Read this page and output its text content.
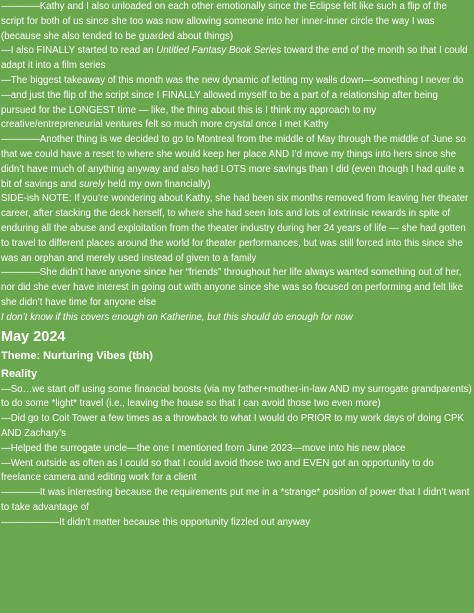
————Kathy and I also unloaded on each other emotionally since the Eclipse felt like such a flip of the script for both of us since she too was now allowing someone into her inner-inner circle the way I was (because she also tended to be guarded about things)

—I also FINALLY started to read an Untitled Fantasy Book Series toward the end of the month so that I could adapt it into a film series

—The biggest takeaway of this month was the new dynamic of letting my walls down—something I never do—and just the flip of the script since I FINALLY allowed myself to be a part of a relationship after being pursued for the LONGEST time — like, the thing about this is I think my approach to my creative/entrepreneurial ventures felt so much more crystal once I met Kathy

————Another thing is we decided to go to Montreal from the middle of May through the middle of June so that we could have a reset to where she would keep her place AND I’d move my things into hers since she didn’t have much of anything anyway and also had LOTS more savings than I did (even though I had quite a bit of savings and surely held my own financially)

SIDE-ish NOTE: If you’re wondering about Kathy, she had been six months removed from leaving her theater career, after stacking the deck herself, to where she had seen lots and lots of extrinsic rewards in spite of enduring all the abuse and exploitation from the theater industry during her 24 years of life — she had gotten to travel to different places around the world for theater performances, but was still forced into this since she was an orphan and merely used instead of given to a family

————She didn’t have anyone since her “friends” throughout her life always wanted something out of her, nor did she ever have interest in going out with anyone since she was so focused on performing and felt like she didn’t have time for anyone else

I don’t know if this covers enough on Katherine, but this should do enough for now

May 2024
Theme: Nurturing Vibes (tbh)
Reality

—So…we start off using some financial boosts (via my father+mother-in-law AND my surrogate grandparents) to do some *light* travel (i.e., leaving the house so that I can avoid those two even more)

—Did go to Coit Tower a few times as a throwback to what I would do PRIOR to my work days of doing CPK AND Zachary’s

—Helped the surrogate uncle—the one I mentioned from June 2023—move into his new place

—Went outside as often as I could so that I could avoid those two and EVEN got an opportunity to do freelance camera and editing work for a client

————It was interesting because the requirements put me in a *strange* position of power that I didn’t want to take advantage of

——————It didn’t matter because this opportunity fizzled out anyway
